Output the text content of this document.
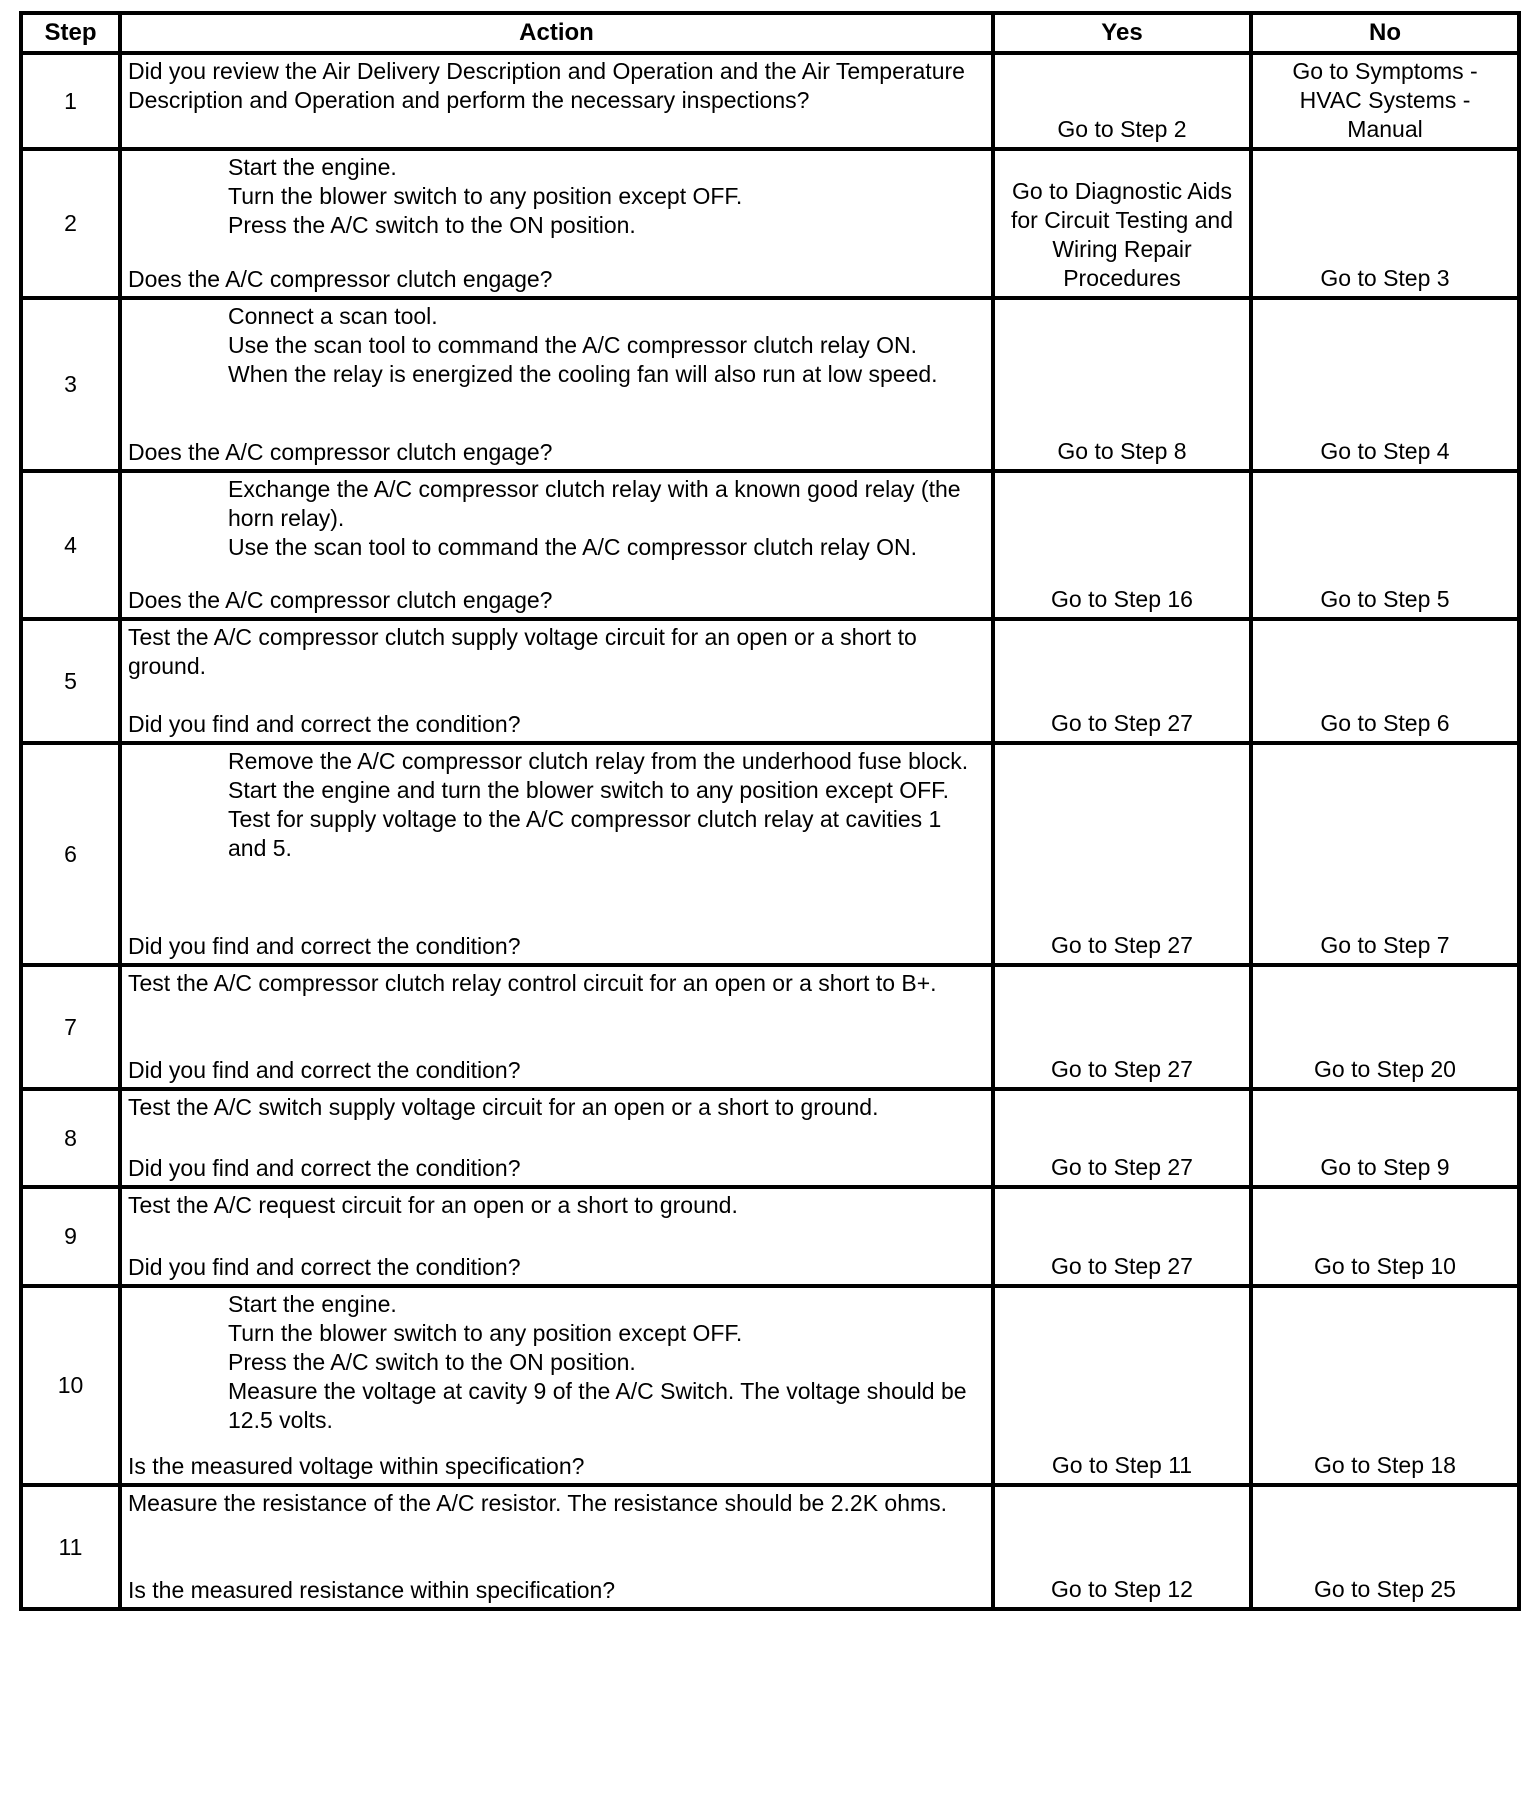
Step	Action	Yes	No
1	Did you review the Air Delivery Description and Operation and the Air Temperature Description and Operation and perform the necessary inspections?	Go to Step 2	Go to Symptoms - HVAC Systems - Manual
2	Start the engine.
Turn the blower switch to any position except OFF.
Press the A/C switch to the ON position.
Does the A/C compressor clutch engage?	Go to Diagnostic Aids for Circuit Testing and Wiring Repair Procedures	Go to Step 3
3	Connect a scan tool.
Use the scan tool to command the A/C compressor clutch relay ON.
When the relay is energized the cooling fan will also run at low speed.
Does the A/C compressor clutch engage?	Go to Step 8	Go to Step 4
4	Exchange the A/C compressor clutch relay with a known good relay (the horn relay).
Use the scan tool to command the A/C compressor clutch relay ON.
Does the A/C compressor clutch engage?	Go to Step 16	Go to Step 5
5	Test the A/C compressor clutch supply voltage circuit for an open or a short to ground.
Did you find and correct the condition?	Go to Step 27	Go to Step 6
6	Remove the A/C compressor clutch relay from the underhood fuse block.
Start the engine and turn the blower switch to any position except OFF.
Test for supply voltage to the A/C compressor clutch relay at cavities 1 and 5.
Did you find and correct the condition?	Go to Step 27	Go to Step 7
7	Test the A/C compressor clutch relay control circuit for an open or a short to B+.
Did you find and correct the condition?	Go to Step 27	Go to Step 20
8	Test the A/C switch supply voltage circuit for an open or a short to ground.
Did you find and correct the condition?	Go to Step 27	Go to Step 9
9	Test the A/C request circuit for an open or a short to ground.
Did you find and correct the condition?	Go to Step 27	Go to Step 10
10	Start the engine.
Turn the blower switch to any position except OFF.
Press the A/C switch to the ON position.
Measure the voltage at cavity 9 of the A/C Switch. The voltage should be 12.5 volts.
Is the measured voltage within specification?	Go to Step 11	Go to Step 18
11	Measure the resistance of the A/C resistor. The resistance should be 2.2K ohms.
Is the measured resistance within specification?	Go to Step 12	Go to Step 25
